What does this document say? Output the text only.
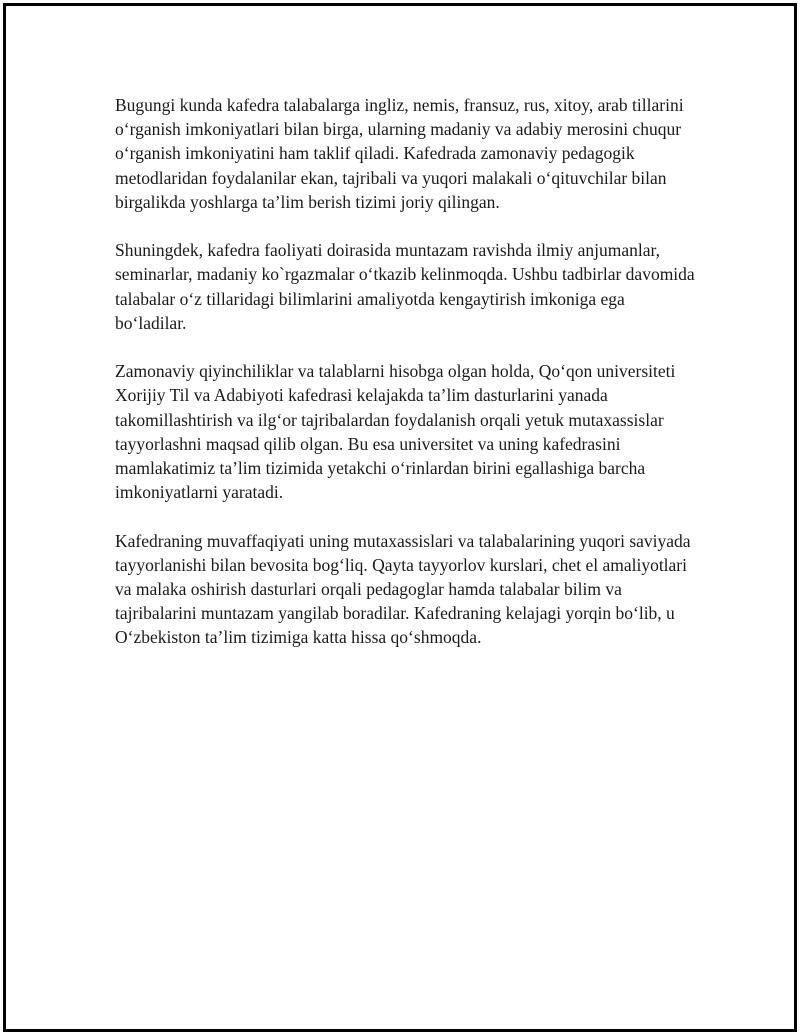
Bugungi kunda kafedra talabalarga ingliz, nemis, fransuz, rus, xitoy, arab tillarini o‘rganish imkoniyatlari bilan birga, ularning madaniy va adabiy merosini chuqur o‘rganish imkoniyatini ham taklif qiladi. Kafedrada zamonaviy pedagogik metodlaridan foydalanilar ekan, tajribali va yuqori malakali o‘qituvchilar bilan birgalikda yoshlarga ta’lim berish tizimi joriy qilingan.

Shuningdek, kafedra faoliyati doirasida muntazam ravishda ilmiy anjumanlar, seminarlar, madaniy ko`rgazmalar o‘tkazib kelinmoqda. Ushbu tadbirlar davomida talabalar o‘z tillaridagi bilimlarini amaliyotda kengaytirish imkoniga ega bo‘ladilar.

Zamonaviy qiyinchiliklar va talablarni hisobga olgan holda, Qo‘qon universiteti Xorijiy Til va Adabiyoti kafedrasi kelajakda ta’lim dasturlarini yanada takomillashtirish va ilg‘or tajribalardan foydalanish orqali yetuk mutaxassislar tayyorlashni maqsad qilib olgan. Bu esa universitet va uning kafedrasini mamlakatimiz ta’lim tizimida yetakchi o‘rinlardan birini egallashiga barcha imkoniyatlarni yaratadi.

Kafedraning muvaffaqiyati uning mutaxassislari va talabalarining yuqori saviyada tayyorlanishi bilan bevosita bog‘liq. Qayta tayyorlov kurslari, chet el amaliyotlari va malaka oshirish dasturlari orqali pedagoglar hamda talabalar bilim va tajribalarini muntazam yangilab boradilar. Kafedraning kelajagi yorqin bo‘lib, u O‘zbekiston ta’lim tizimiga katta hissa qo‘shmoqda.
